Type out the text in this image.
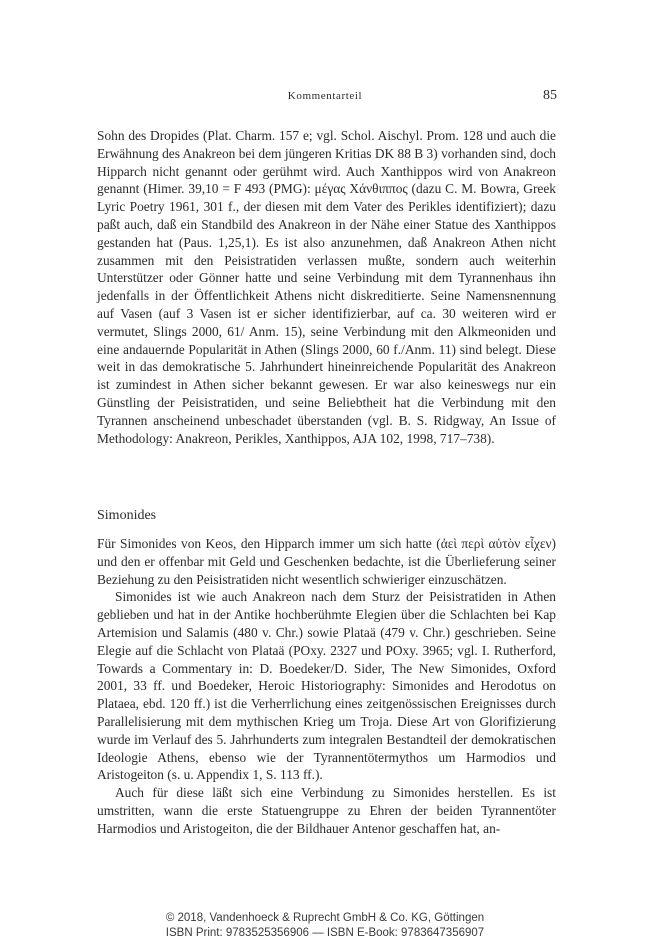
Kommentarteil	85

Sohn des Dropides (Plat. Charm. 157 e; vgl. Schol. Aischyl. Prom. 128 und auch die Erwähnung des Anakreon bei dem jüngeren Kritias DK 88 B 3) vorhanden sind, doch Hipparch nicht genannt oder gerühmt wird. Auch Xanthippos wird von Anakreon genannt (Himer. 39,10 = F 493 (PMG): μέγας Χάνθιππος (dazu C. M. Bowra, Greek Lyric Poetry 1961, 301 f., der diesen mit dem Vater des Perikles identifiziert); dazu paßt auch, daß ein Standbild des Anakreon in der Nähe einer Statue des Xanthippos gestanden hat (Paus. 1,25,1). Es ist also anzunehmen, daß Anakreon Athen nicht zusammen mit den Peisistratiden verlassen mußte, sondern auch weiterhin Unterstützer oder Gönner hatte und seine Verbindung mit dem Tyrannenhaus ihn jedenfalls in der Öffentlichkeit Athens nicht diskreditierte. Seine Namensnennung auf Vasen (auf 3 Vasen ist er sicher identifizierbar, auf ca. 30 weiteren wird er vermutet, Slings 2000, 61/ Anm. 15), seine Verbindung mit den Alkmeoniden und eine andauernde Popularität in Athen (Slings 2000, 60 f./Anm. 11) sind belegt. Diese weit in das demokratische 5. Jahrhundert hineinreichende Popularität des Anakreon ist zumindest in Athen sicher bekannt gewesen. Er war also keineswegs nur ein Günstling der Peisistratiden, und seine Beliebtheit hat die Verbindung mit den Tyrannen anscheinend unbeschadet überstanden (vgl. B. S. Ridgway, An Issue of Methodology: Anakreon, Perikles, Xanthippos, AJA 102, 1998, 717–738).

Simonides

Für Simonides von Keos, den Hipparch immer um sich hatte (ἀεὶ περὶ αὑτὸν εἶχεν) und den er offenbar mit Geld und Geschenken bedachte, ist die Überlieferung seiner Beziehung zu den Peisistratiden nicht wesentlich schwieriger einzuschätzen.

Simonides ist wie auch Anakreon nach dem Sturz der Peisistratiden in Athen geblieben und hat in der Antike hochberühmte Elegien über die Schlachten bei Kap Artemision und Salamis (480 v. Chr.) sowie Plataä (479 v. Chr.) geschrieben. Seine Elegie auf die Schlacht von Plataä (POxy. 2327 und POxy. 3965; vgl. I. Rutherford, Towards a Commentary in: D. Boedeker/D. Sider, The New Simonides, Oxford 2001, 33 ff. und Boedeker, Heroic Historiography: Simonides and Herodotus on Plataea, ebd. 120 ff.) ist die Verherrlichung eines zeitgenössischen Ereignisses durch Parallelisierung mit dem mythischen Krieg um Troja. Diese Art von Glorifizierung wurde im Verlauf des 5. Jahrhunderts zum integralen Bestandteil der demokratischen Ideologie Athens, ebenso wie der Tyrannentötermythos um Harmodios und Aristogeiton (s. u. Appendix 1, S. 113 ff.).

Auch für diese läßt sich eine Verbindung zu Simonides herstellen. Es ist umstritten, wann die erste Statuengruppe zu Ehren der beiden Tyrannentöter Harmodios und Aristogeiton, die der Bildhauer Antenor geschaffen hat, an-

© 2018, Vandenhoeck & Ruprecht GmbH & Co. KG, Göttingen
ISBN Print: 9783525356906 — ISBN E-Book: 9783647356907
